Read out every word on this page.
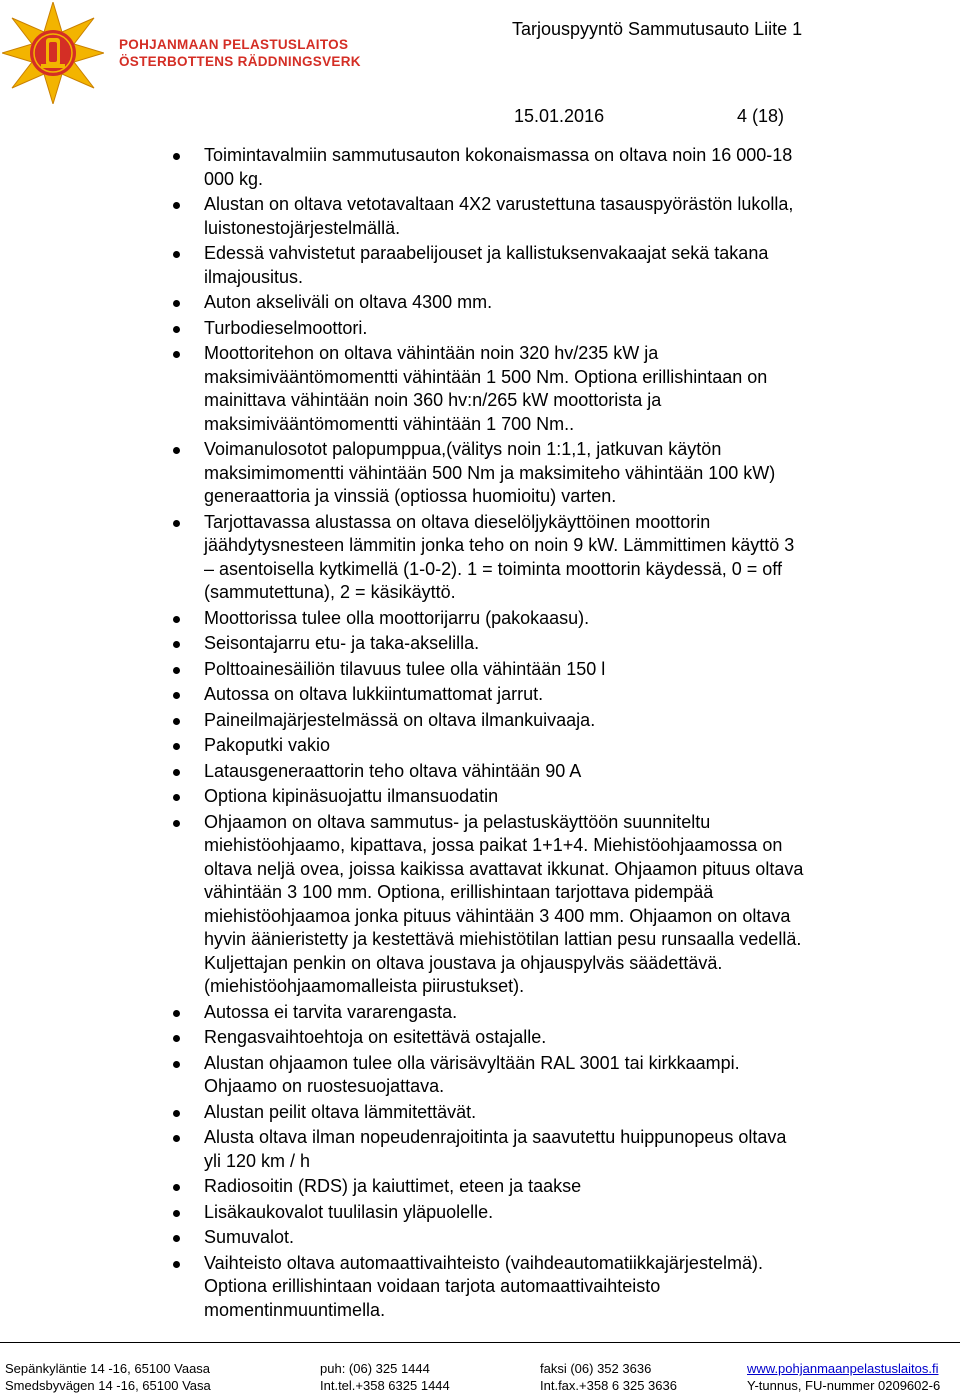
POHJANMAAN PELASTUSLAITOS
ÖSTERBOTTENS RÄDDNINGSVERK
Tarjouspyyntö Sammutusauto Liite 1
15.01.2016	4 (18)
Toimintavalmiin sammutusauton kokonaismassa on oltava noin 16 000-18
000 kg.
Alustan on oltava vetotavaltaan 4X2 varustettuna tasauspyörästön lukolla,
luistonestojärjestelmällä.
Edessä vahvistetut paraabelijouset ja kallistuksenvakaajat sekä takana
ilmajousitus.
Auton akseliväli on oltava 4300 mm.
Turbodieselmoottori.
Moottoritehon on oltava vähintään noin 320 hv/235 kW ja
maksimivääntömomentti vähintään 1 500 Nm. Optiona erillishintaan on
mainittava vähintään noin 360 hv:n/265 kW moottorista ja
maksimivääntömomentti vähintään 1 700 Nm..
Voimanulosotot palopumppua,(välitys noin 1:1,1, jatkuvan käytön
maksimimomentti vähintään 500 Nm ja maksimiteho vähintään 100 kW)
generaattoria ja vinssiä (optiossa huomioitu) varten.
Tarjottavassa alustassa on oltava dieselöljykäyttöinen moottorin
jäähdytysnesteen lämmitin jonka teho on noin 9 kW. Lämmittimen käyttö 3
– asentoisella kytkimellä (1-0-2). 1 = toiminta moottorin käydessä, 0 = off
(sammutettuna), 2 = käsikäyttö.
Moottorissa tulee olla moottorijarru (pakokaasu).
Seisontajarru etu- ja taka-akselilla.
Polttoainesäiliön tilavuus tulee olla vähintään 150 l
Autossa on oltava lukkiintumattomat jarrut.
Paineilmajärjestelmässä on oltava ilmankuivaaja.
Pakoputki vakio
Latausgeneraattorin teho oltava vähintään 90 A
Optiona kipinäsuojattu ilmansuodatin
Ohjaamon on oltava sammutus- ja pelastuskäyttöön suunniteltu
miehistöohjaamo, kipattava, jossa paikat 1+1+4. Miehistöohjaamossa on
oltava neljä ovea, joissa kaikissa avattavat ikkunat. Ohjaamon pituus oltava
vähintään 3 100 mm. Optiona, erillishintaan tarjottava pidempää
miehistöohjaamoa jonka pituus vähintään 3 400 mm. Ohjaamon on oltava
hyvin äänieristetty ja kestettävä miehistötilan lattian pesu runsaalla vedellä.
Kuljettajan penkin on oltava joustava ja ohjauspylväs säädettävä.
(miehistöohjaamomalleista piirustukset).
Autossa ei tarvita vararengasta.
Rengasvaihtoehtoja on esitettävä ostajalle.
Alustan ohjaamon tulee olla värisävyltään RAL 3001 tai kirkkaampi.
Ohjaamo on ruostesuojattava.
Alustan peilit oltava lämmitettävät.
Alusta oltava ilman nopeudenrajoitinta ja saavutettu huippunopeus oltava
yli 120 km / h
Radiosoitin (RDS) ja kaiuttimet, eteen ja taakse
Lisäkaukovalot tuulilasin yläpuolelle.
Sumuvalot.
Vaihteisto oltava automaattivaihteisto (vaihdeautomatiikkajärjestelmä).
Optiona erillishintaan voidaan tarjota automaattivaihteisto
momentinmuuntimella.
Sepänkyläntie 14 -16, 65100 Vaasa
Smedsbyvägen 14 -16, 65100 Vasa
puh: (06) 325 1444
Int.tel.+358 6325 1444
faksi (06) 352 3636
Int.fax.+358 6 325 3636
www.pohjanmaanpelastuslaitos.fi
Y-tunnus, FU-nummer 0209602-6
